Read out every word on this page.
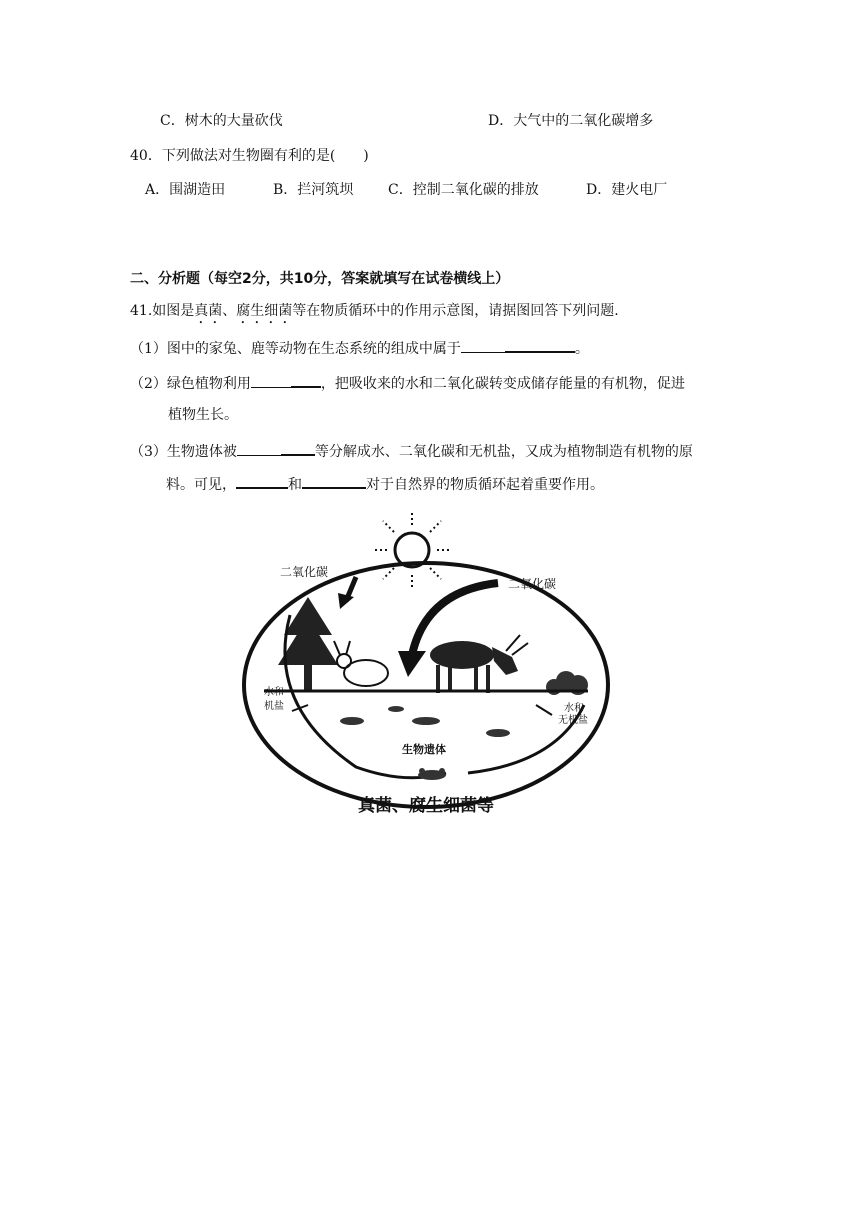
C．树木的大量砍伐	D．大气中的二氧化碳增多
40．下列做法对生物圈有利的是(　　)
A．围湖造田	B．拦河筑坝 C．控制二氧化碳的排放	D．建火电厂
二、分析题（每空2分，共10分，答案就填写在试卷横线上）
41.如图是真菌、腐生细菌等在物质循环中的作用示意图，请据图回答下列问题.
（1）图中的家兔、鹿等动物在生态系统的组成中属于	。
（2）绿色植物利用	，把吸收来的水和二氧化碳转变成储存能量的有机物，促进
植物生长。
（3）生物遗体被	等分解成水、二氧化碳和无机盐，又成为植物制造有机物的原
料。可见，	和	对于自然界的物质循环起着重要作用。
二氧化碳
二氧化碳
水和
机盐	水和
无机盐
生物遗体
真菌、腐生细菌等
